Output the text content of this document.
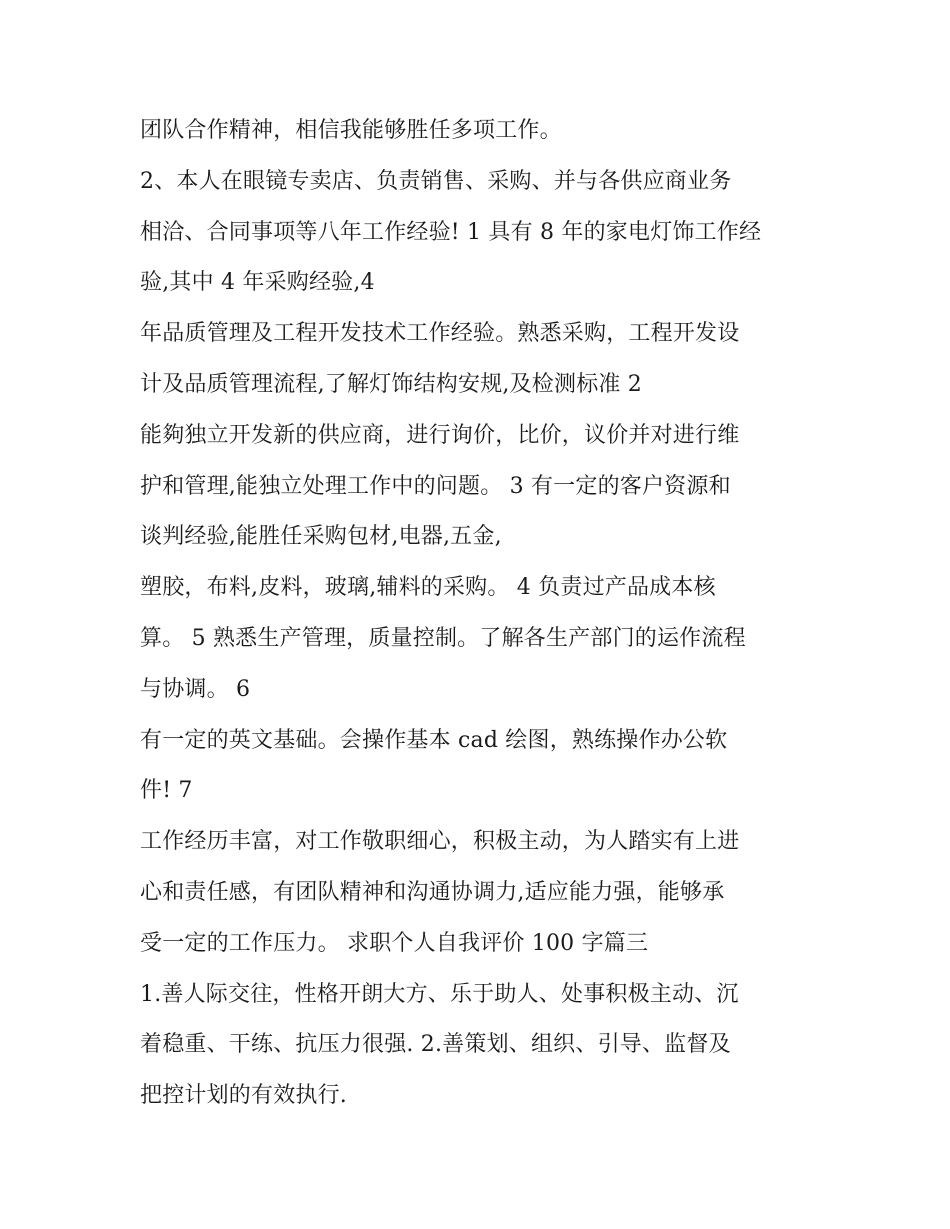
团队合作精神，相信我能够胜任多项工作。
2、本人在眼镜专卖店、负责销售、采购、并与各供应商业务
相洽、合同事项等八年工作经验! 1 具有 8 年的家电灯饰工作经
验,其中 4 年采购经验,4
年品质管理及工程开发技术工作经验。熟悉采购，工程开发设
计及品质管理流程,了解灯饰结构安规,及检测标准 2
能夠独立开发新的供应商，进行询价，比价，议价并对进行维
护和管理,能独立处理工作中的问题。 3 有一定的客户资源和
谈判经验,能胜任采购包材,电器,五金,
塑胶，布料,皮料，玻璃,辅料的采购。 4 负责过产品成本核
算。 5 熟悉生产管理，质量控制。了解各生产部门的运作流程
与协调。 6
有一定的英文基础。会操作基本 cad 绘图，熟练操作办公软
件! 7
工作经历丰富，对工作敬职细心，积极主动，为人踏实有上进
心和责任感，有团队精神和沟通协调力,适应能力强，能够承
受一定的工作压力。 求职个人自我评价 100 字篇三
1.善人际交往，性格开朗大方、乐于助人、处事积极主动、沉
着稳重、干练、抗压力很强. 2.善策划、组织、引导、监督及
把控计划的有效执行.
